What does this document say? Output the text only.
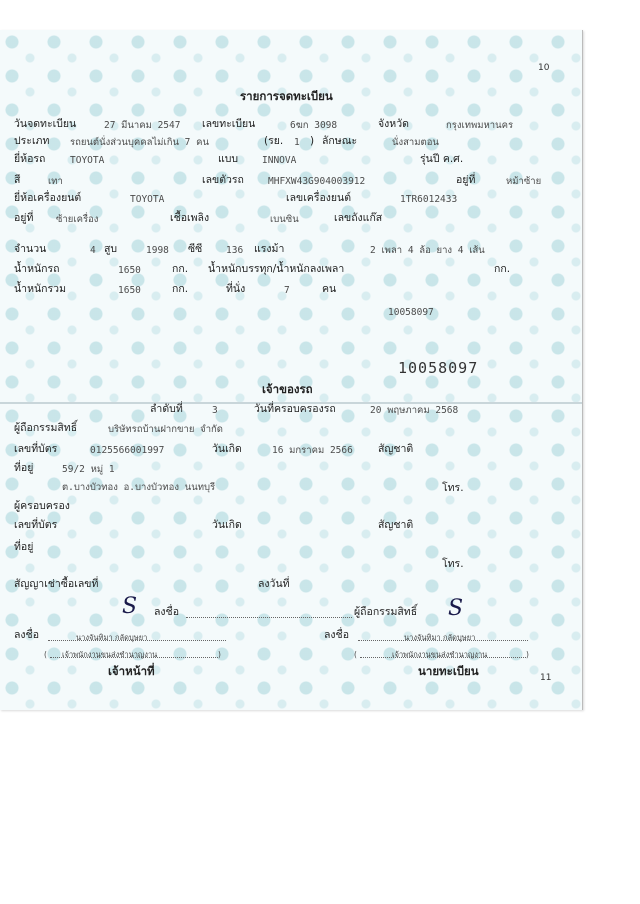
10
รายการจดทะเบียน
วันจดทะเบียน	27 มีนาคม 2547 เลขทะเบียน	6ฆก 3098	จังหวัด	กรุงเทพมหานคร
ประเภท รถยนต์นั่งส่วนบุคคลไม่เกิน 7 คน	(รย. 1 ) ลักษณะ	นั่งสามตอน
ยี่ห้อรถ	TOYOTA	แบบ	INNOVA	รุ่นปี ค.ศ.
สี	เทา	เลขตัวรถ	MHFXW43G904003912	อยู่ที่	หม้าซ้าย
ยี่ห้อเครื่องยนต์	TOYOTA	เลขเครื่องยนต์	1TR6012433
อยู่ที่ ซ้ายเครื่อง	เชื้อเพลิง	เบนซิน	เลขถังแก๊ส
จำนวน	4 สูบ	1998 ซีซี 136 แรงม้า	2 เพลา 4 ล้อ ยาง 4 เส้น
น้ำหนักรถ	1650	กก. น้ำหนักบรรทุก/น้ำหนักลงเพลา	กก.
น้ำหนักรวม	1650	กก.	ที่นั่ง	7	คน
10058097
10058097
เจ้าของรถ
ลำดับที่	3	วันที่ครอบครองรถ	20 พฤษภาคม 2568
ผู้ถือกรรมสิทธิ์	บริษัทรถบ้านฝากขาย จำกัด
เลขที่บัตร	0125566001997	วันเกิด	16 มกราคม 2566 สัญชาติ
ที่อยู่	59/2 หมู่ 1
ต.บางบัวทอง อ.บางบัวทอง นนทบุรี	โทร.
ผู้ครอบครอง
เลขที่บัตร	วันเกิด	สัญชาติ
ที่อยู่
โทร.
สัญญาเช่าซื้อเลขที่	ลงวันที่
S ลงชื่อ	ผู้ถือกรรมสิทธิ์ S
ลงชื่อ	นางจันทิมา กลัดบุษยา	ลงชื่อ	นางจันทิมา กลัดบุษยา
( เจ้าพนักงานขนส่งชำนาญงาน	)	(	เจ้าพนักงานขนส่งชำนาญงาน	)
เจ้าหน้าที่	นายทะเบียน	11
